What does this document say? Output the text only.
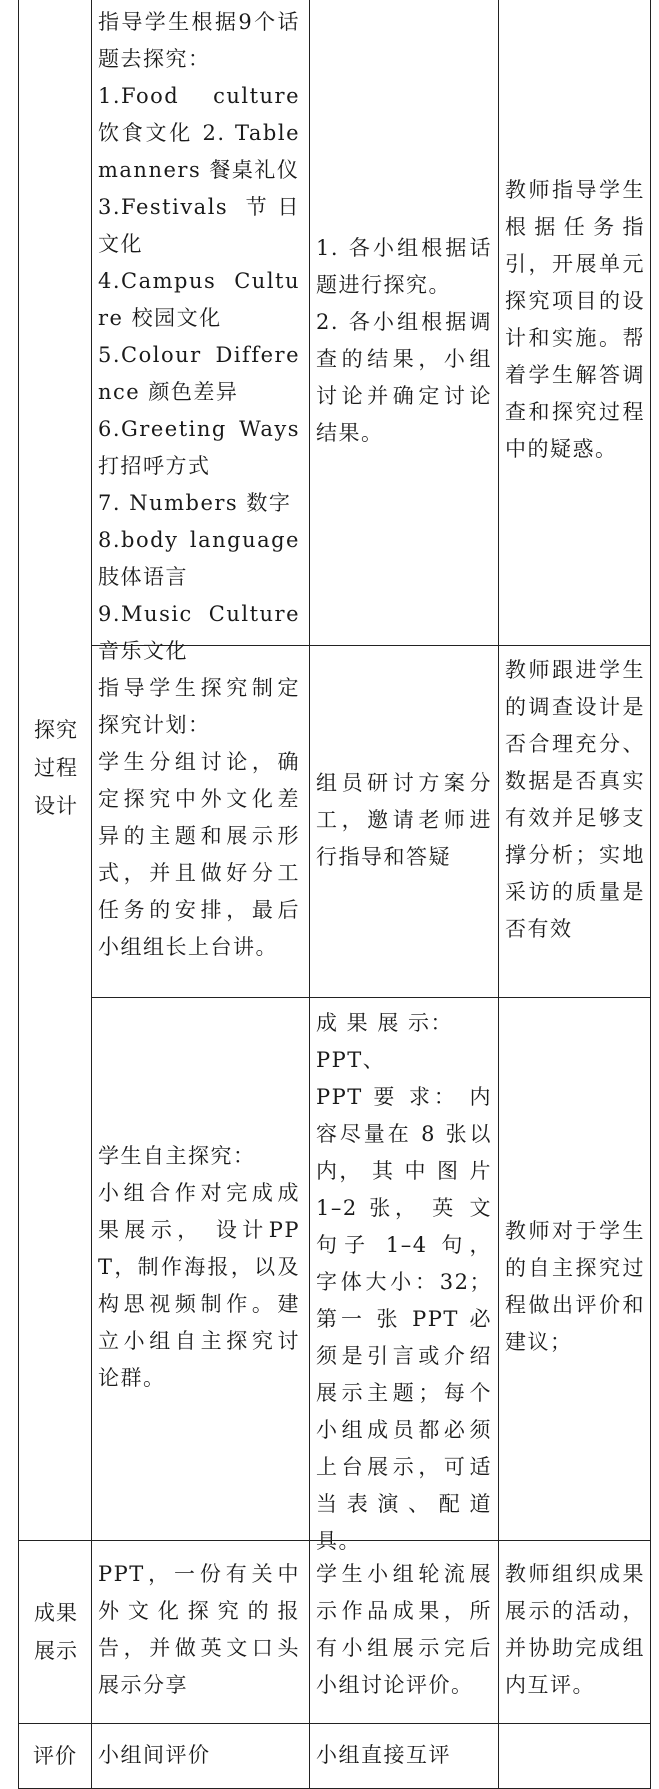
探究过程设计

指导学生根据9个话题去探究：

1.Food culture 饮食文化 2. Table manners 餐桌礼仪

3.Festivals 节日文化

4.Campus Culture 校园文化

5.Colour Difference 颜色差异

6.Greeting Ways 打招呼方式

7. Numbers 数字

8.body language 肢体语言

9.Music Culture 音乐文化

1. 各小组根据话题进行探究。

2. 各小组根据调查的结果，小组讨论并确定讨论结果。

教师指导学生根据任务指引，开展单元探究项目的设计和实施。帮着学生解答调查和探究过程中的疑惑。

指导学生探究制定探究计划：

学生分组讨论，确定探究中外文化差异的主题和展示形式，并且做好分工任务的安排，最后小组组长上台讲。

组员研讨方案分工，邀请老师进行指导和答疑

教师跟进学生的调查设计是否合理充分、数据是否真实有效并足够支撑分析；实地采访的质量是否有效

学生自主探究：

小组合作对完成成果展示， 设计PPT，制作海报，以及构思视频制作。建立小组自主探究讨论群。

成 果 展 示：

PPT、

PPT 要 求： 内容尽量在 8 张以内， 其 中 图 片 1–2 张， 英 文 句子 1–4 句， 字体大小：32；第一 张 PPT 必 须是引言或介绍展示主题；每个小组成员都必须上台展示，可适当表演、配道具。

教师对于学生的自主探究过程做出评价和建议；

成果展示

PPT，一份有关中外文化探究的报告，并做英文口头展示分享

学生小组轮流展示作品成果，所有小组展示完后小组讨论评价。

教师组织成果展示的活动，并协助完成组内互评。

评价 小组间评价	小组直接互评
